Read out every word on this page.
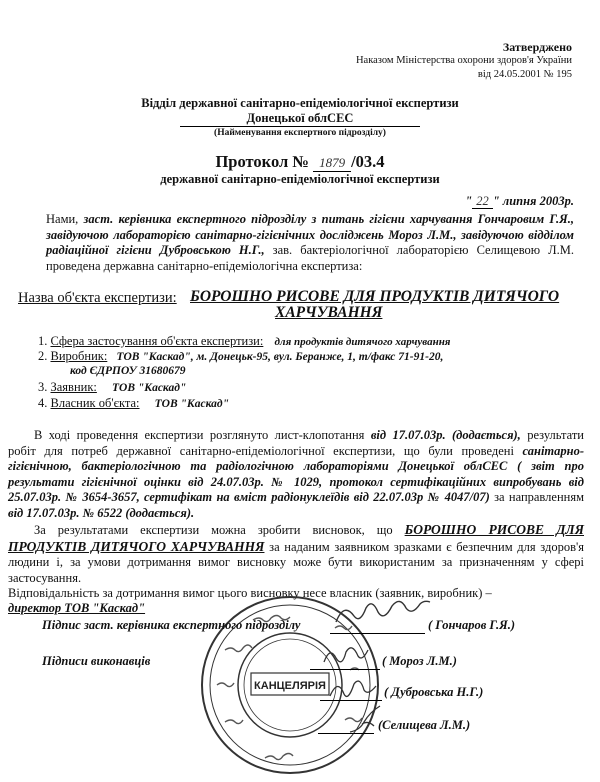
Затверджено
Наказом Міністерства охорони здоров'я України
від 24.05.2001 № 195
Відділ державної санітарно-епідеміологічної експертизи
Донецької облСЕС
(Найменування експертного підрозділу)
Протокол № 1879 /03.4
державної санітарно-епідеміологічної експертизи
" 22 " липня 2003р.
Нами, заст. керівника експертного підрозділу з питань гігієни харчування Гончаровим Г.Я., завідуючою лабораторією санітарно-гігієнічних досліджень Мороз Л.М., завідуючою відділом радіаційної гігієни Дубровською Н.Г., зав. бактеріологічної лабораторією Селищевою Л.М. проведена державна санітарно-епідеміологічна експертиза:
Назва об'єкта експертизи: БОРОШНО РИСОВЕ ДЛЯ ПРОДУКТІВ ДИТЯЧОГО
ХАРЧУВАННЯ
1. Сфера застосування об'єкта експертизи: для продуктів дитячого харчування
2. Виробник: ТОВ "Каскад", м. Донецьк-95, вул. Беранже, 1, т/факс 71-91-20,
код ЄДРПОУ 31680679
3. Заявник: ТОВ "Каскад"
4. Власник об'єкта: ТОВ "Каскад"
В ході проведення експертизи розглянуто лист-клопотання від 17.07.03р. (додається), результати робіт для потреб державної санітарно-епідеміологічної експертизи, що були проведені санітарно-гігієнічною, бактеріологічною та радіологічною лабораторіями Донецької облСЕС ( звіт про результати гігієнічної оцінки від 24.07.03р. № 1029, протокол сертифікаційних випробувань від 25.07.03р. № 3654-3657, сертифікат на вміст радіонуклеїдів від 22.07.03р № 4047/07) за направленням від 17.07.03р. № 6522 (додається).
За результатами експертизи можна зробити висновок, що БОРОШНО РИСОВЕ ДЛЯ ПРОДУКТІВ ДИТЯЧОГО ХАРЧУВАННЯ за наданим заявником зразками є безпечним для здоров'я людини і, за умови дотримання вимог висновку може бути використаним за призначенням у сфері застосування.
Відповідальність за дотримання вимог цього висновку несе власник (заявник, виробник) –
директор ТОВ "Каскад"
КАНЦЕЛЯРІЯ
Підпис заст. керівника експертного підрозділу	( Гончаров Г.Я.)
Підписи виконавців	( Мороз Л.М.)
( Дубровська Н.Г.)
(Селищева Л.М.)
